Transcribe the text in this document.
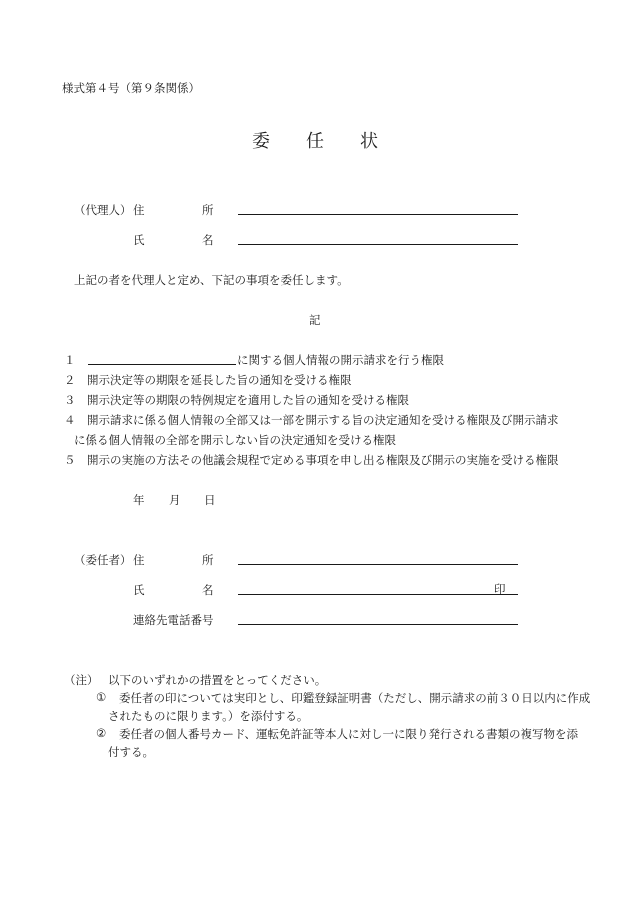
様式第４号（第９条関係）
委　　任　　状
（代理人） 住　　　　　所
氏　　　　　名
上記の者を代理人と定め、下記の事項を委任します。
記
１	に関する個人情報の開示請求を行う権限
２ 開示決定等の期限を延長した旨の通知を受ける権限
３ 開示決定等の期限の特例規定を適用した旨の通知を受ける権限
４ 開示請求に係る個人情報の全部又は一部を開示する旨の決定通知を受ける権限及び開示請求
に係る個人情報の全部を開示しない旨の決定通知を受ける権限
５ 開示の実施の方法その他議会規程で定める事項を申し出る権限及び開示の実施を受ける権限
年 月 日
（委任者） 住　　　　　所
氏　　　　　名	印
連絡先電話番号
（注） 以下のいずれかの措置をとってください。
① 委任者の印については実印とし、印鑑登録証明書（ただし、開示請求の前３０日以内に作成
されたものに限ります。）を添付する。
② 委任者の個人番号カード、運転免許証等本人に対し一に限り発行される書類の複写物を添
付する。
